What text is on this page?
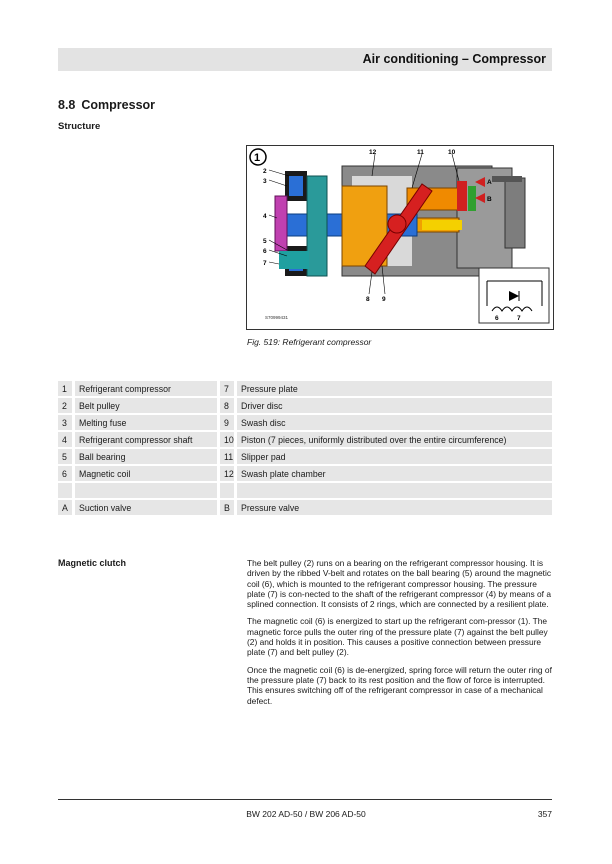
Air conditioning – Compressor
8.8 Compressor
Structure
1	12	11	10
2
3
4
5
6
7
8 9
A
B
6	7
S70999431
Fig. 519: Refrigerant compressor
1	Refrigerant compressor	7	Pressure plate
2	Belt pulley	8	Driver disc
3	Melting fuse	9	Swash disc
4	Refrigerant compressor shaft	10	Piston (7 pieces, uniformly distributed over the entire circumference)
5	Ball bearing	11	Slipper pad
6	Magnetic coil	12	Swash plate chamber

A	Suction valve	B	Pressure valve
Magnetic clutch	The belt pulley (2) runs on a bearing on the refrigerant compressor housing. It is driven by the ribbed V-belt and rotates on the ball bearing (5) around the magnetic coil (6), which is mounted to the refrigerant compressor housing. The pressure plate (7) is con-nected to the shaft of the refrigerant compressor (4) by means of a splined connection. It consists of 2 rings, which are connected by a resilient plate.

The magnetic coil (6) is energized to start up the refrigerant com-pressor (1). The magnetic force pulls the outer ring of the pressure plate (7) against the belt pulley (2) and holds it in position. This causes a positive connection between pressure plate (7) and belt pulley (2).

Once the magnetic coil (6) is de-energized, spring force will return the outer ring of the pressure plate (7) back to its rest position and the flow of force is interrupted. This ensures switching off of the refrigerant compressor in case of a mechanical defect.

BW 202 AD-50 / BW 206 AD-50	357
